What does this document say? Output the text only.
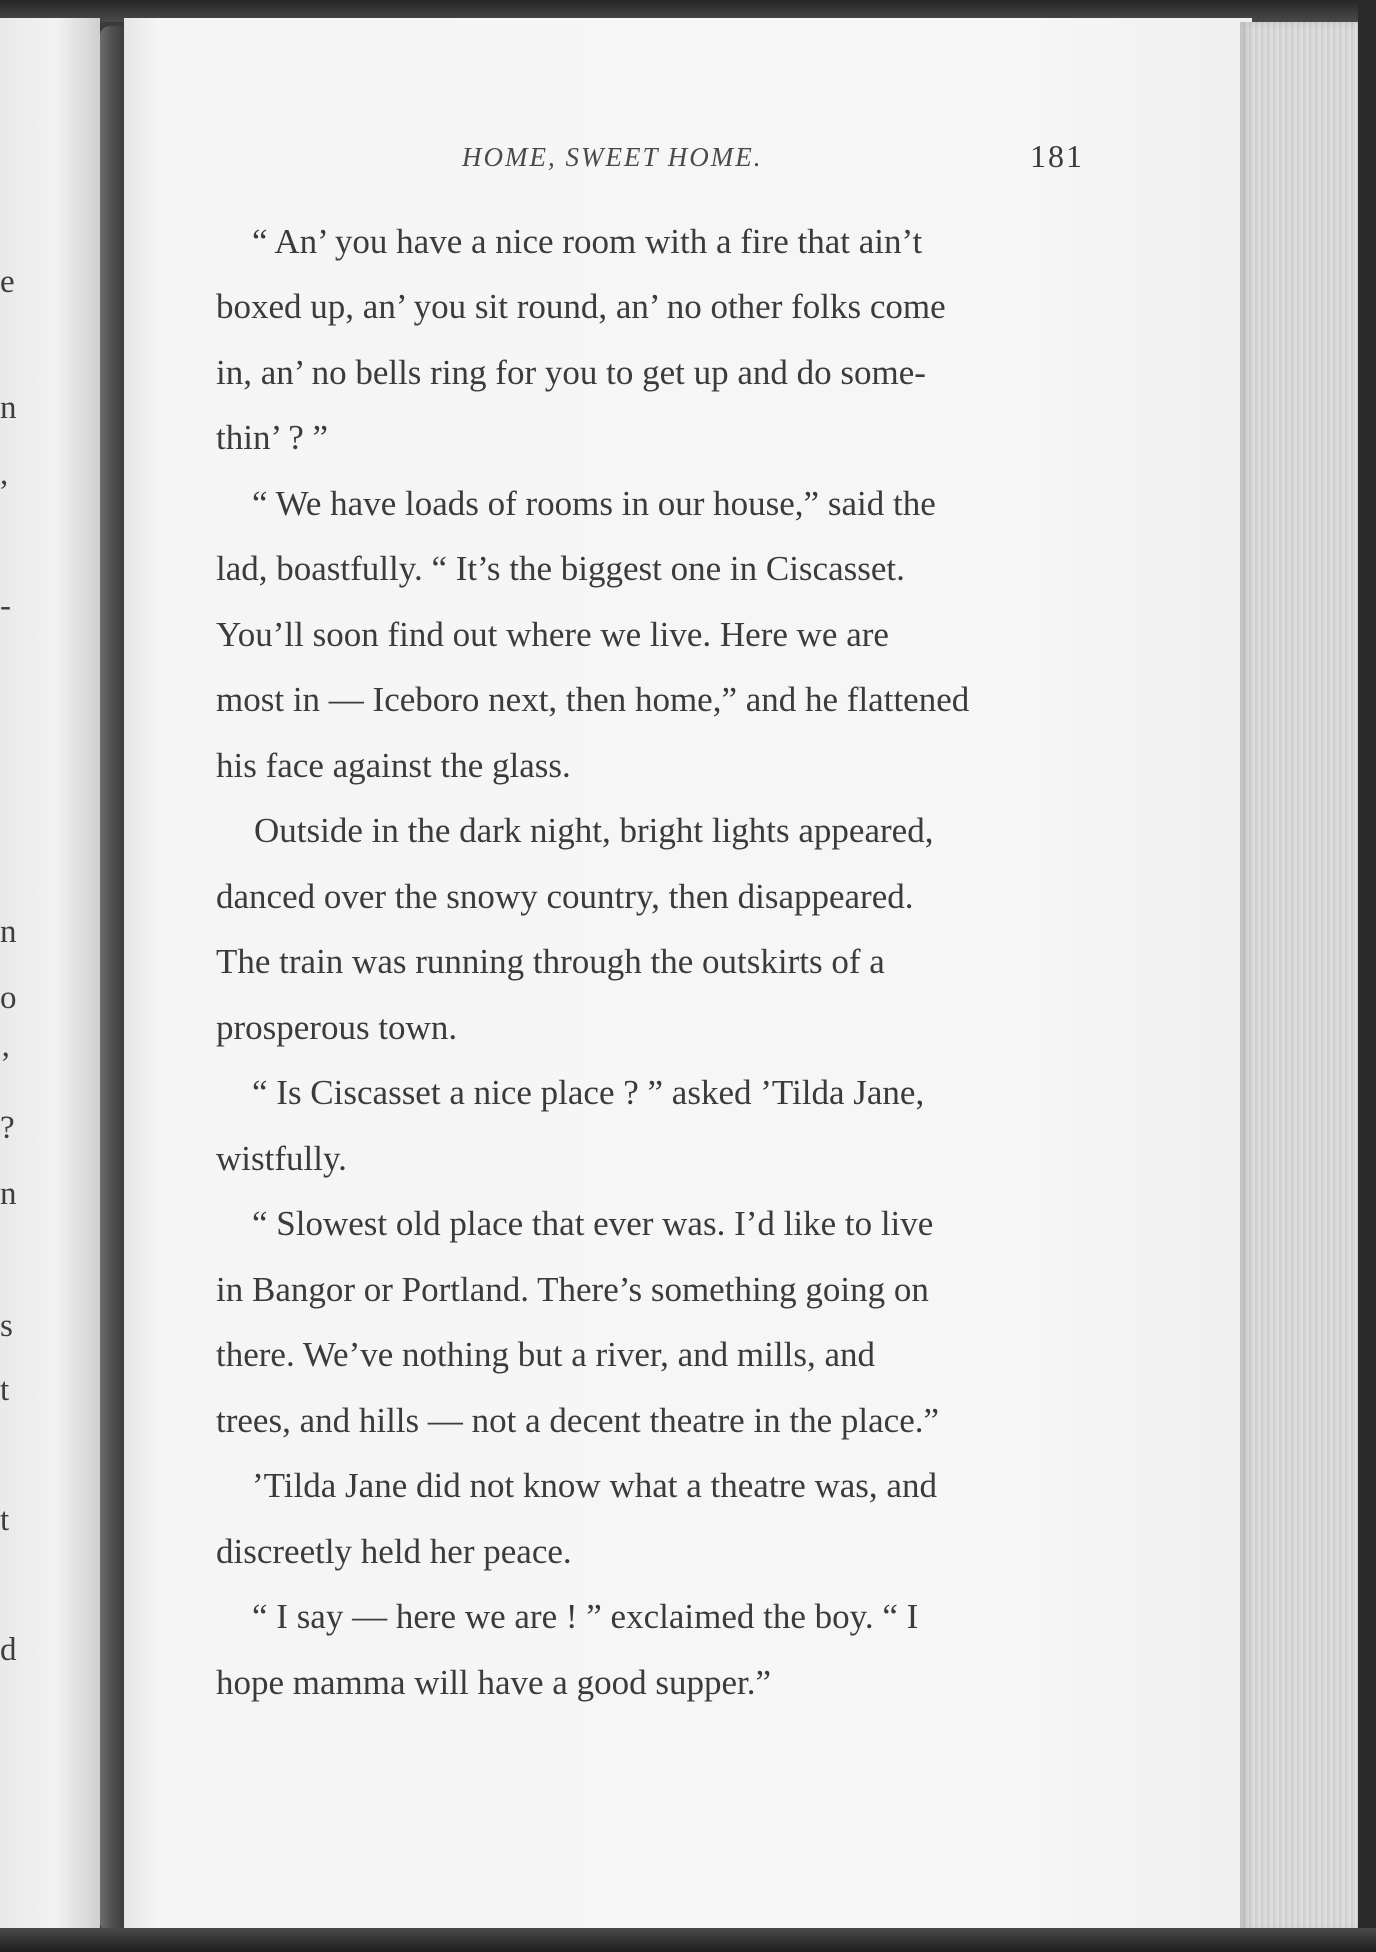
e
n
,
-
n
o
’
?
n
s
t
t
d
HOME, SWEET HOME.	181
“ An’ you have a nice room with a fire that ain’t
boxed up, an’ you sit round, an’ no other folks come
in, an’ no bells ring for you to get up and do some-
thin’ ? ”
“ We have loads of rooms in our house,” said the
lad, boastfully. “ It’s the biggest one in Ciscasset.
You’ll soon find out where we live. Here we are
most in — Iceboro next, then home,” and he flattened
his face against the glass.
Outside in the dark night, bright lights appeared,
danced over the snowy country, then disappeared.
The train was running through the outskirts of a
prosperous town.
“ Is Ciscasset a nice place ? ” asked ’Tilda Jane,
wistfully.
“ Slowest old place that ever was. I’d like to live
in Bangor or Portland. There’s something going on
there. We’ve nothing but a river, and mills, and
trees, and hills — not a decent theatre in the place.”
’Tilda Jane did not know what a theatre was, and
discreetly held her peace.
“ I say — here we are ! ” exclaimed the boy. “ I
hope mamma will have a good supper.”
